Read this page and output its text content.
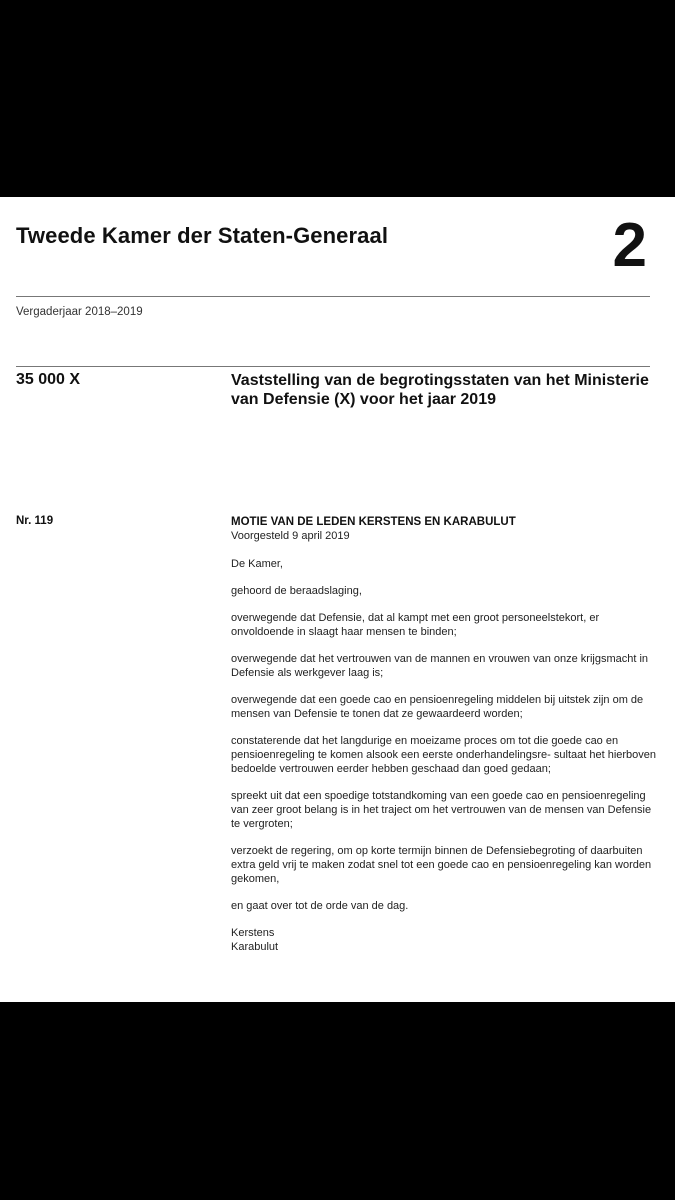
Tweede Kamer der Staten-Generaal	2
Vergaderjaar 2018–2019
35 000 X	Vaststelling van de begrotingsstaten van het Ministerie van Defensie (X) voor het jaar 2019
Nr. 119	MOTIE VAN DE LEDEN KERSTENS EN KARABULUT
Voorgesteld 9 april 2019
De Kamer,
gehoord de beraadslaging,
overwegende dat Defensie, dat al kampt met een groot personeelstekort, er onvoldoende in slaagt haar mensen te binden;
overwegende dat het vertrouwen van de mannen en vrouwen van onze krijgsmacht in Defensie als werkgever laag is;
overwegende dat een goede cao en pensioenregeling middelen bij uitstek zijn om de mensen van Defensie te tonen dat ze gewaardeerd worden;
constaterende dat het langdurige en moeizame proces om tot die goede cao en pensioenregeling te komen alsook een eerste onderhandelingsre- sultaat het hierboven bedoelde vertrouwen eerder hebben geschaad dan goed gedaan;
spreekt uit dat een spoedige totstandkoming van een goede cao en pensioenregeling van zeer groot belang is in het traject om het vertrouwen van de mensen van Defensie te vergroten;
verzoekt de regering, om op korte termijn binnen de Defensiebegroting of daarbuiten extra geld vrij te maken zodat snel tot een goede cao en pensioenregeling kan worden gekomen,
en gaat over tot de orde van de dag.
Kerstens
Karabulut
